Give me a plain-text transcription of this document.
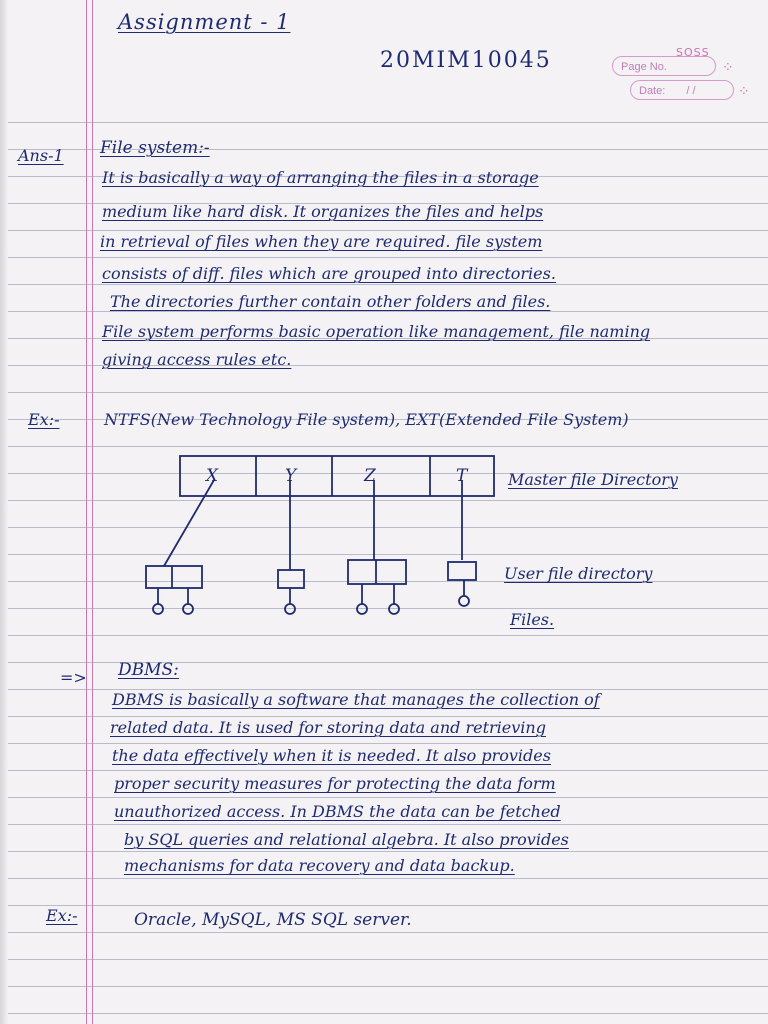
Assignment - 1
20MIM10045	SOSS
Page No.
Date: / /
⁘
⁘
Ans-1 File system:-
It is basically a way of arranging the files in a storage
medium like hard disk. It organizes the files and helps
in retrieval of files when they are required. file system
consists of diff. files which are grouped into directories.
The directories further contain other folders and files.
File system performs basic operation like management, file naming
giving access rules etc.
Ex:-	NTFS(New Technology File system), EXT(Extended File System)
X	Y	Z	T	Master file Directory
User file directory
Files.
=> DBMS:
DBMS is basically a software that manages the collection of
related data. It is used for storing data and retrieving
the data effectively when it is needed. It also provides
proper security measures for protecting the data form
unauthorized access. In DBMS the data can be fetched
by SQL queries and relational algebra. It also provides
mechanisms for data recovery and data backup.
Ex:-	Oracle, MySQL, MS SQL server.
